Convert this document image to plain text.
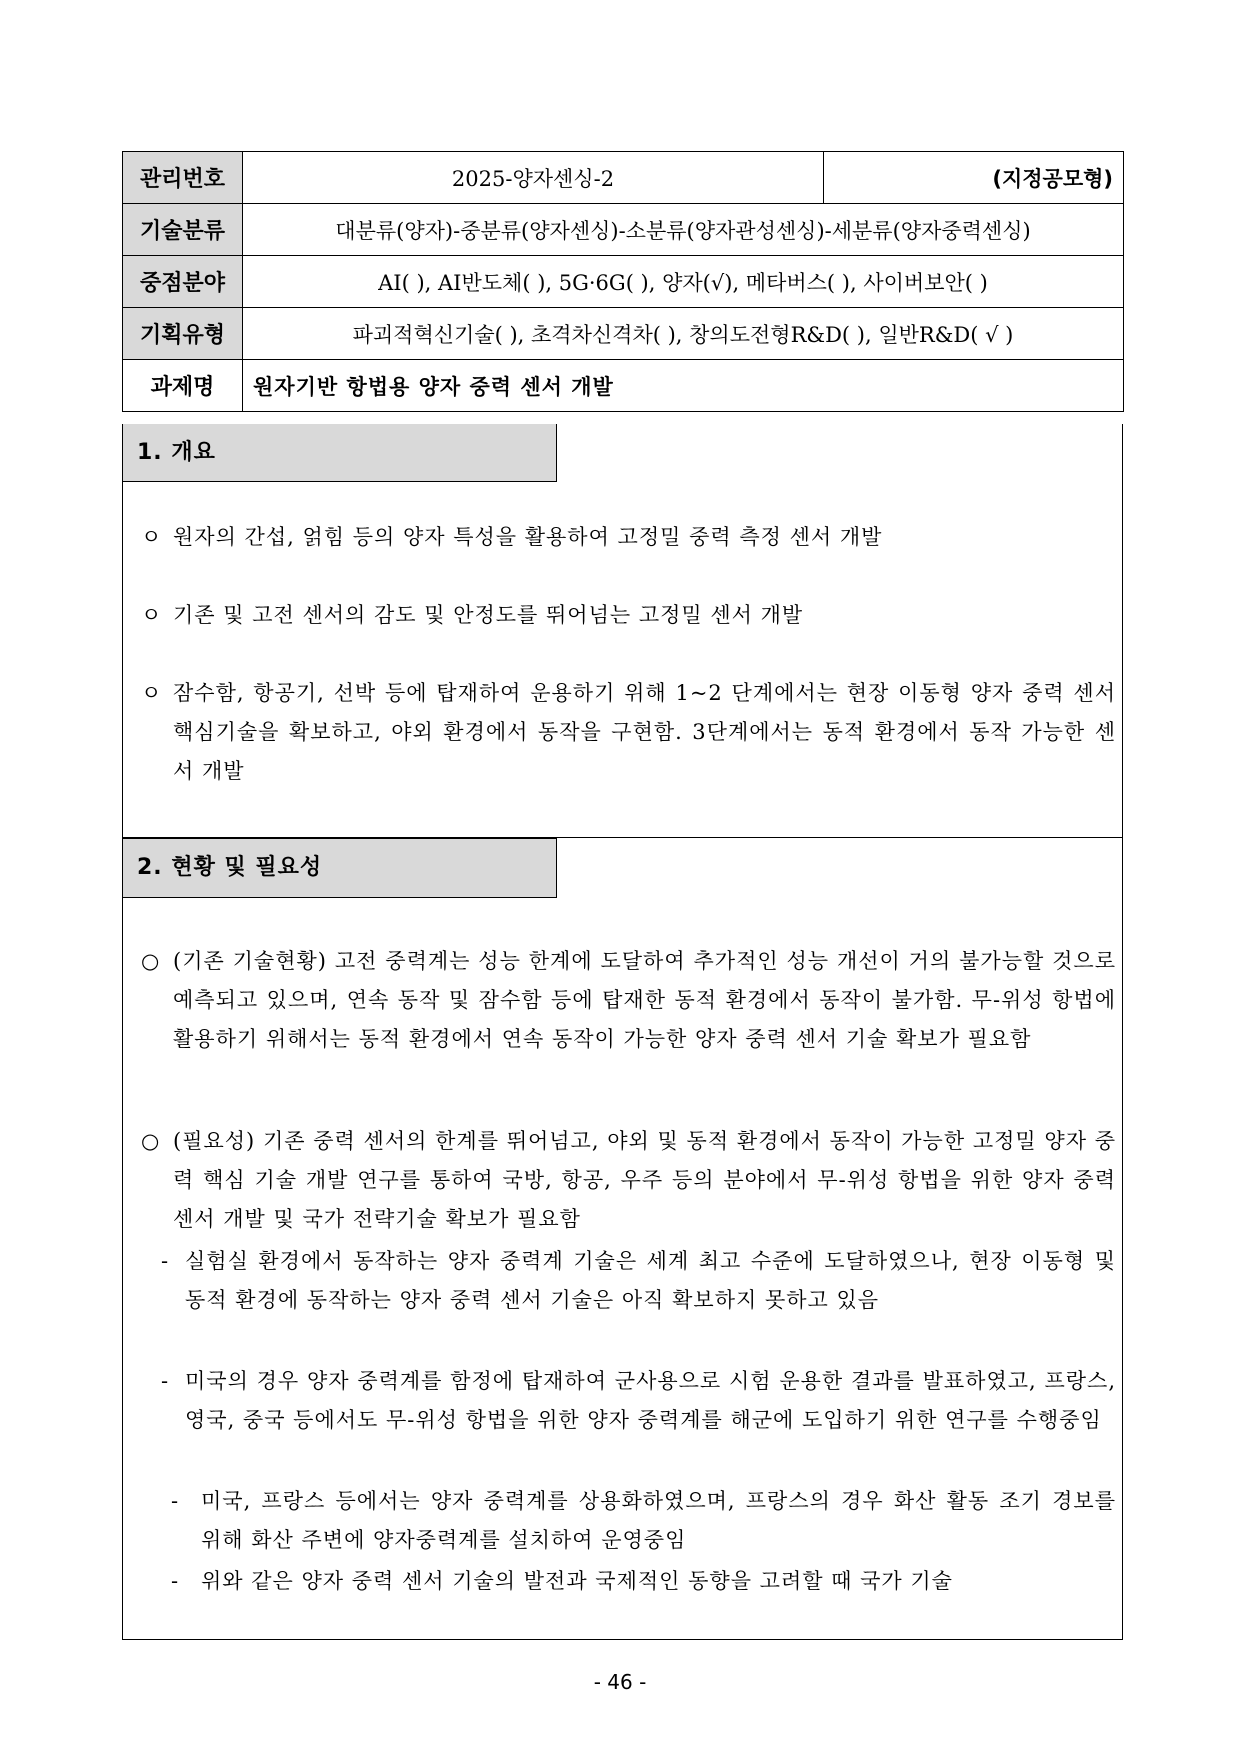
관리번호	2025-양자센싱-2	(지정공모형)
기술분류	대분류(양자)-중분류(양자센싱)-소분류(양자관성센싱)-세분류(양자중력센싱)	
중점분야	AI( ), AI반도체( ), 5G·6G( ), 양자(√), 메타버스( ), 사이버보안( )	
기획유형	파괴적혁신기술( ), 초격차신격차( ), 창의도전형R&D( ), 일반R&D( √ )	
과제명	원자기반 항법용 양자 중력 센서 개발	
1. 개요
ㅇ 원자의 간섭, 얽힘 등의 양자 특성을 활용하여 고정밀 중력 측정 센서 개발
ㅇ 기존 및 고전 센서의 감도 및 안정도를 뛰어넘는 고정밀 센서 개발
ㅇ 잠수함, 항공기, 선박 등에 탑재하여 운용하기 위해 1~2 단계에서는 현장 이동형 양자 중력 센서 핵심기술을 확보하고, 야외 환경에서 동작을 구현함. 3단계에서는 동적 환경에서 동작 가능한 센서 개발
2. 현황 및 필요성
○ (기존 기술현황) 고전 중력계는 성능 한계에 도달하여 추가적인 성능 개선이 거의 불가능할 것으로 예측되고 있으며, 연속 동작 및 잠수함 등에 탑재한 동적 환경에서 동작이 불가함. 무-위성 항법에 활용하기 위해서는 동적 환경에서 연속 동작이 가능한 양자 중력 센서 기술 확보가 필요함
○ (필요성) 기존 중력 센서의 한계를 뛰어넘고, 야외 및 동적 환경에서 동작이 가능한 고정밀 양자 중력 핵심 기술 개발 연구를 통하여 국방, 항공, 우주 등의 분야에서 무-위성 항법을 위한 양자 중력 센서 개발 및 국가 전략기술 확보가 필요함
- 실험실 환경에서 동작하는 양자 중력계 기술은 세계 최고 수준에 도달하였으나, 현장 이동형 및 동적 환경에 동작하는 양자 중력 센서 기술은 아직 확보하지 못하고 있음
- 미국의 경우 양자 중력계를 함정에 탑재하여 군사용으로 시험 운용한 결과를 발표하였고, 프랑스, 영국, 중국 등에서도 무-위성 항법을 위한 양자 중력계를 해군에 도입하기 위한 연구를 수행중임
-	미국, 프랑스 등에서는 양자 중력계를 상용화하였으며, 프랑스의 경우 화산 활동 조기 경보를 위해 화산 주변에 양자중력계를 설치하여 운영중임
-	위와 같은 양자 중력 센서 기술의 발전과 국제적인 동향을 고려할 때 국가 기술
- 46 -
